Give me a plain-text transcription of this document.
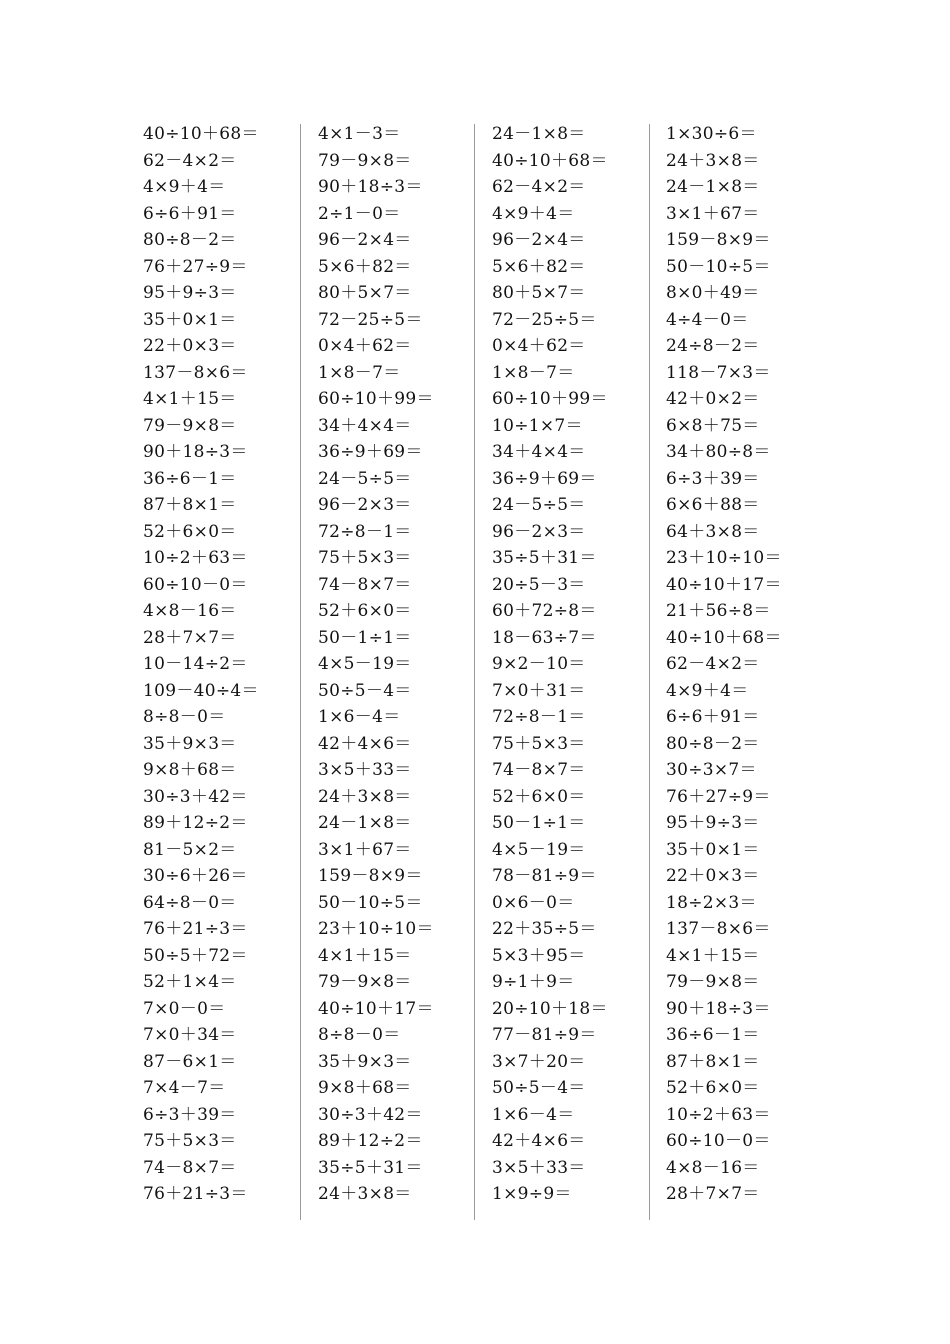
40÷10＋68＝
62－4×2＝
4×9＋4＝
6÷6＋91＝
80÷8－2＝
76＋27÷9＝
95＋9÷3＝
35＋0×1＝
22＋0×3＝
137－8×6＝
4×1＋15＝
79－9×8＝
90＋18÷3＝
36÷6－1＝
87＋8×1＝
52＋6×0＝
10÷2＋63＝
60÷10－0＝
4×8－16＝
28＋7×7＝
10－14÷2＝
109－40÷4＝
8÷8－0＝
35＋9×3＝
9×8＋68＝
30÷3＋42＝
89＋12÷2＝
81－5×2＝
30÷6＋26＝
64÷8－0＝
76＋21÷3＝
50÷5＋72＝
52＋1×4＝
7×0－0＝
7×0＋34＝
87－6×1＝
7×4－7＝
6÷3＋39＝
75＋5×3＝
74－8×7＝
76＋21÷3＝
4×1－3＝
79－9×8＝
90＋18÷3＝
2÷1－0＝
96－2×4＝
5×6＋82＝
80＋5×7＝
72－25÷5＝
0×4＋62＝
1×8－7＝
60÷10＋99＝
34＋4×4＝
36÷9＋69＝
24－5÷5＝
96－2×3＝
72÷8－1＝
75＋5×3＝
74－8×7＝
52＋6×0＝
50－1÷1＝
4×5－19＝
50÷5－4＝
1×6－4＝
42＋4×6＝
3×5＋33＝
24＋3×8＝
24－1×8＝
3×1＋67＝
159－8×9＝
50－10÷5＝
23＋10÷10＝
4×1＋15＝
79－9×8＝
40÷10＋17＝
8÷8－0＝
35＋9×3＝
9×8＋68＝
30÷3＋42＝
89＋12÷2＝
35÷5＋31＝
24＋3×8＝
24－1×8＝
40÷10＋68＝
62－4×2＝
4×9＋4＝
96－2×4＝
5×6＋82＝
80＋5×7＝
72－25÷5＝
0×4＋62＝
1×8－7＝
60÷10＋99＝
10÷1×7＝
34＋4×4＝
36÷9＋69＝
24－5÷5＝
96－2×3＝
35÷5＋31＝
20÷5－3＝
60＋72÷8＝
18－63÷7＝
9×2－10＝
7×0＋31＝
72÷8－1＝
75＋5×3＝
74－8×7＝
52＋6×0＝
50－1÷1＝
4×5－19＝
78－81÷9＝
0×6－0＝
22＋35÷5＝
5×3＋95＝
9÷1＋9＝
20÷10＋18＝
77－81÷9＝
3×7＋20＝
50÷5－4＝
1×6－4＝
42＋4×6＝
3×5＋33＝
1×9÷9＝
1×30÷6＝
24＋3×8＝
24－1×8＝
3×1＋67＝
159－8×9＝
50－10÷5＝
8×0＋49＝
4÷4－0＝
24÷8－2＝
118－7×3＝
42＋0×2＝
6×8＋75＝
34＋80÷8＝
6÷3＋39＝
6×6＋88＝
64＋3×8＝
23＋10÷10＝
40÷10＋17＝
21＋56÷8＝
40÷10＋68＝
62－4×2＝
4×9＋4＝
6÷6＋91＝
80÷8－2＝
30÷3×7＝
76＋27÷9＝
95＋9÷3＝
35＋0×1＝
22＋0×3＝
18÷2×3＝
137－8×6＝
4×1＋15＝
79－9×8＝
90＋18÷3＝
36÷6－1＝
87＋8×1＝
52＋6×0＝
10÷2＋63＝
60÷10－0＝
4×8－16＝
28＋7×7＝
